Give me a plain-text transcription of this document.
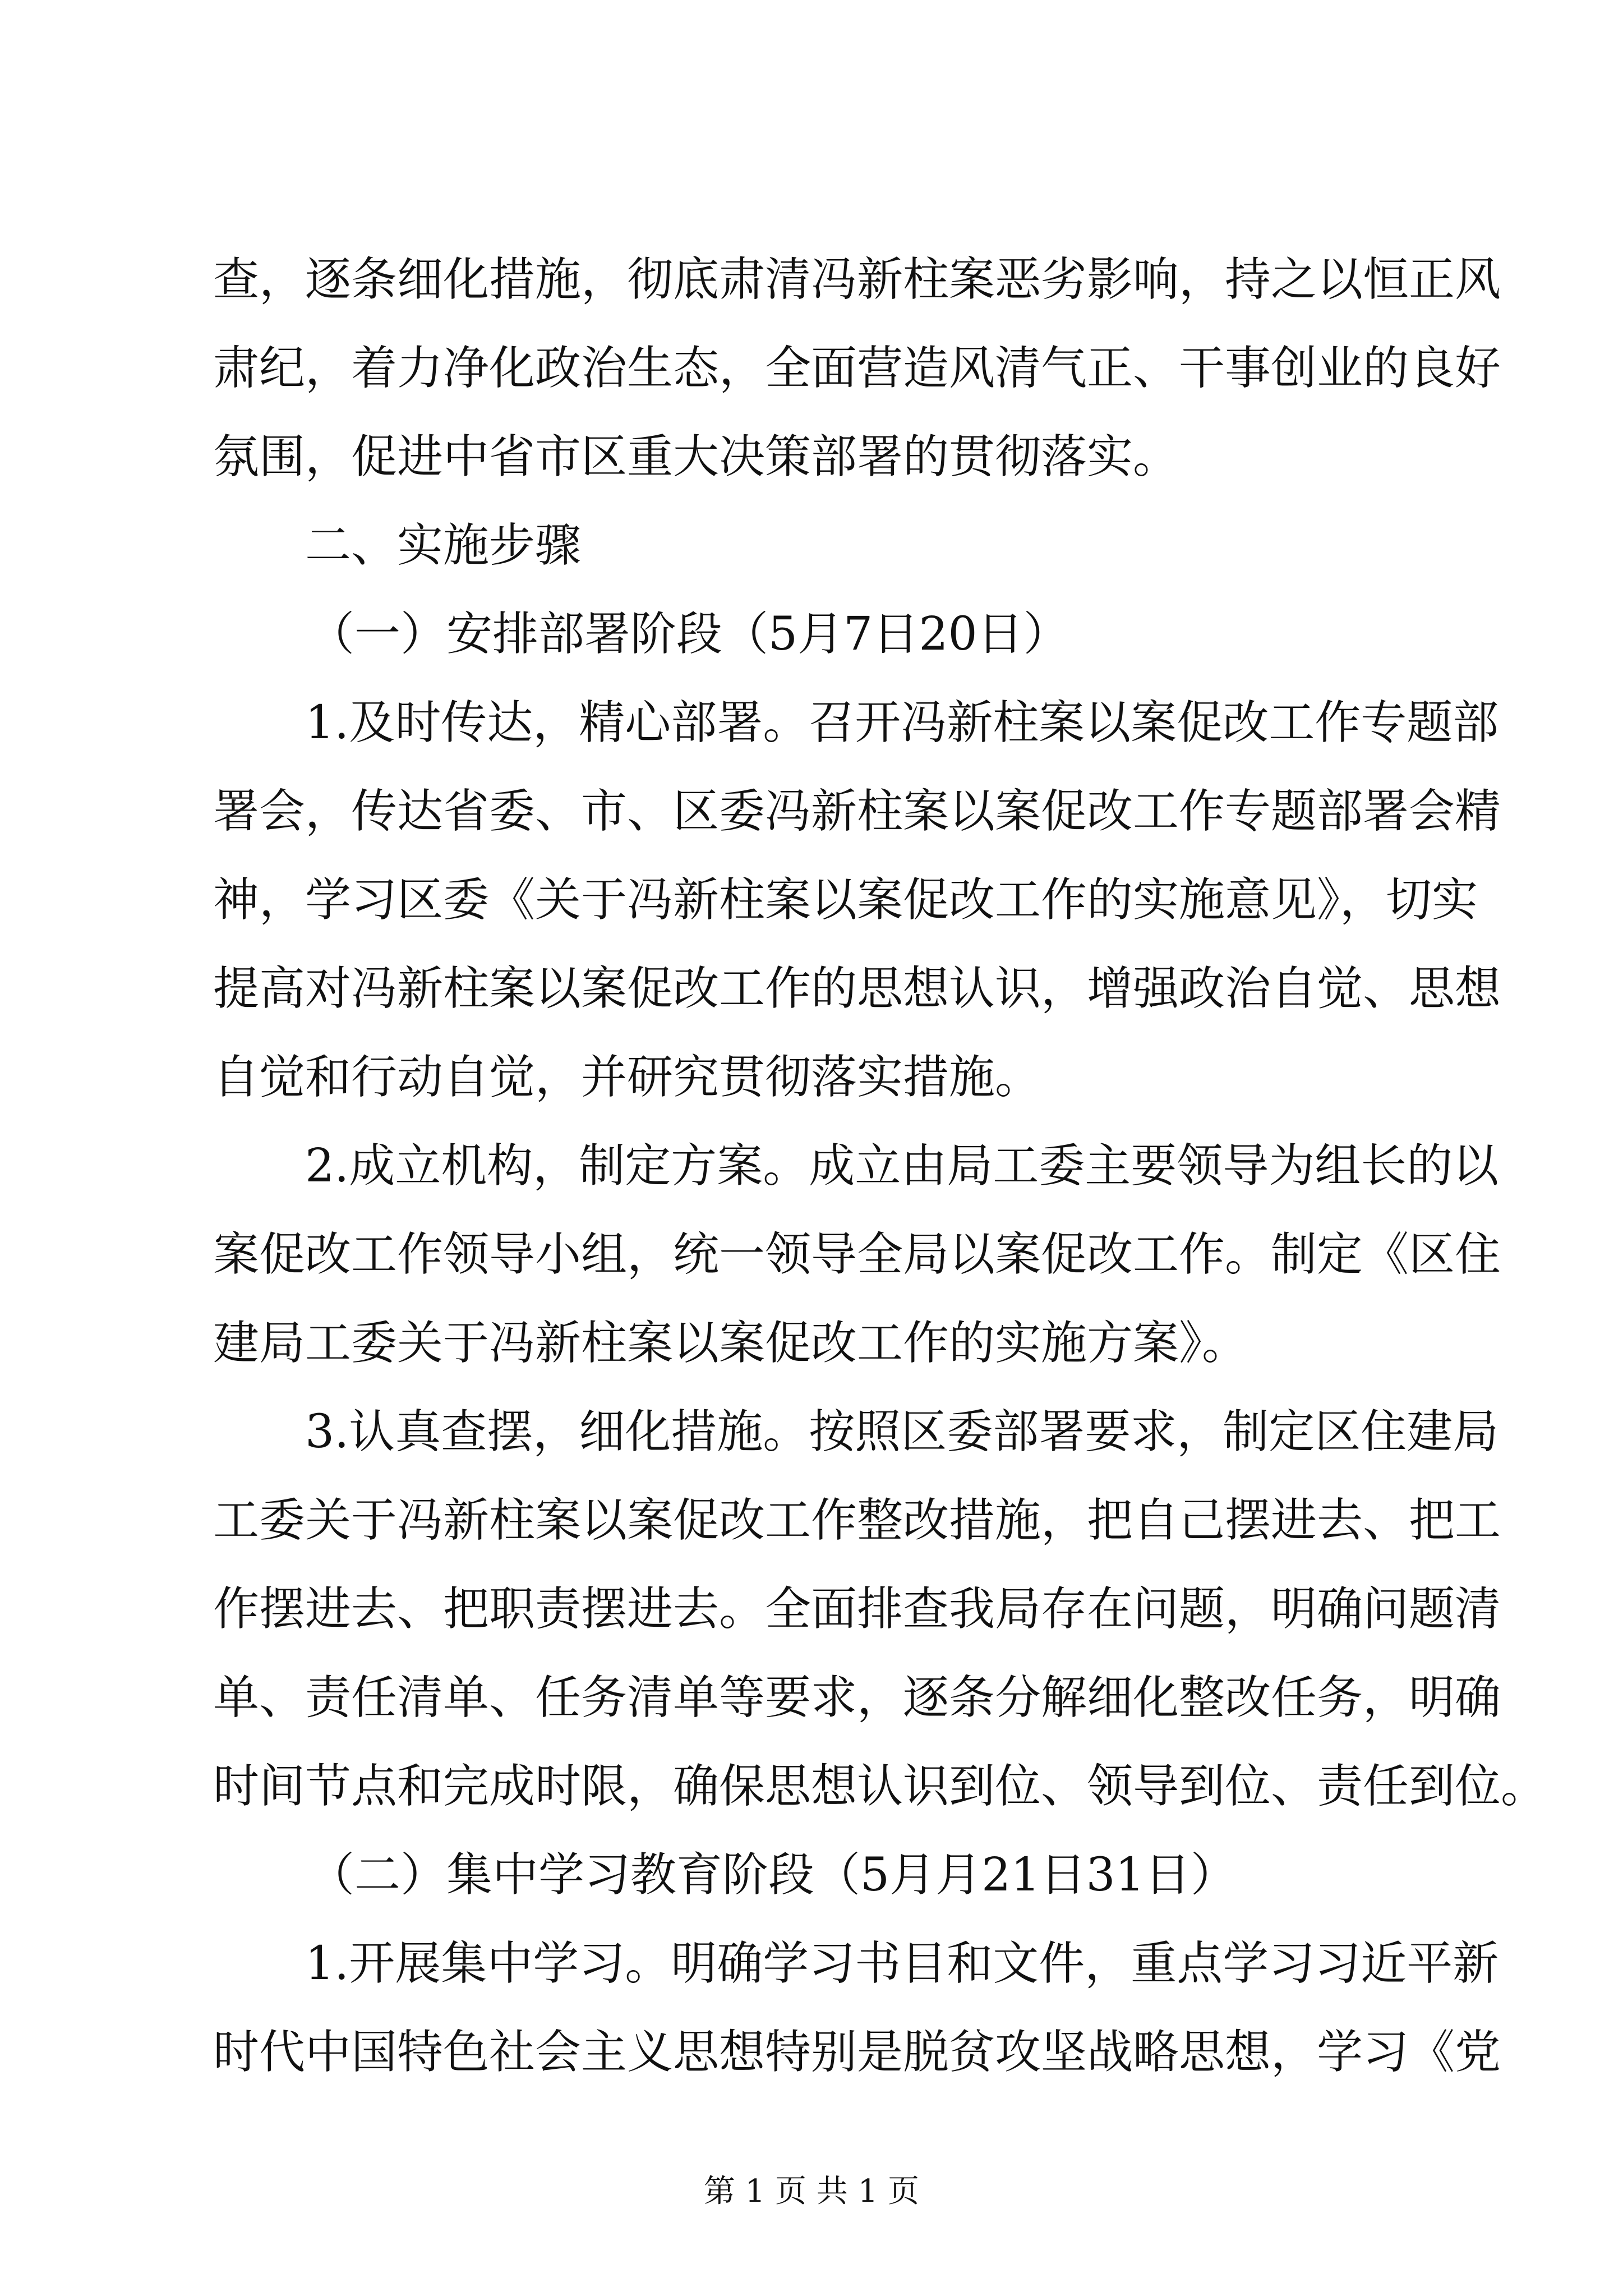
查，逐条细化措施，彻底肃清冯新柱案恶劣影响，持之以恒正风
肃纪，着力净化政治生态，全面营造风清气正、干事创业的良好
氛围，促进中省市区重大决策部署的贯彻落实。
二、实施步骤
（一）安排部署阶段（5月7日20日）
1.及时传达，精心部署。召开冯新柱案以案促改工作专题部
署会，传达省委、市、区委冯新柱案以案促改工作专题部署会精
神，学习区委《关于冯新柱案以案促改工作的实施意见》，切实
提高对冯新柱案以案促改工作的思想认识，增强政治自觉、思想
自觉和行动自觉，并研究贯彻落实措施。
2.成立机构，制定方案。成立由局工委主要领导为组长的以
案促改工作领导小组，统一领导全局以案促改工作。制定《区住
建局工委关于冯新柱案以案促改工作的实施方案》。
3.认真查摆，细化措施。按照区委部署要求，制定区住建局
工委关于冯新柱案以案促改工作整改措施，把自己摆进去、把工
作摆进去、把职责摆进去。全面排查我局存在问题，明确问题清
单、责任清单、任务清单等要求，逐条分解细化整改任务，明确
时间节点和完成时限，确保思想认识到位、领导到位、责任到位。
（二）集中学习教育阶段（5月月21日31日）
1.开展集中学习。明确学习书目和文件，重点学习习近平新
时代中国特色社会主义思想特别是脱贫攻坚战略思想，学习《党
第 1 页 共 1 页
